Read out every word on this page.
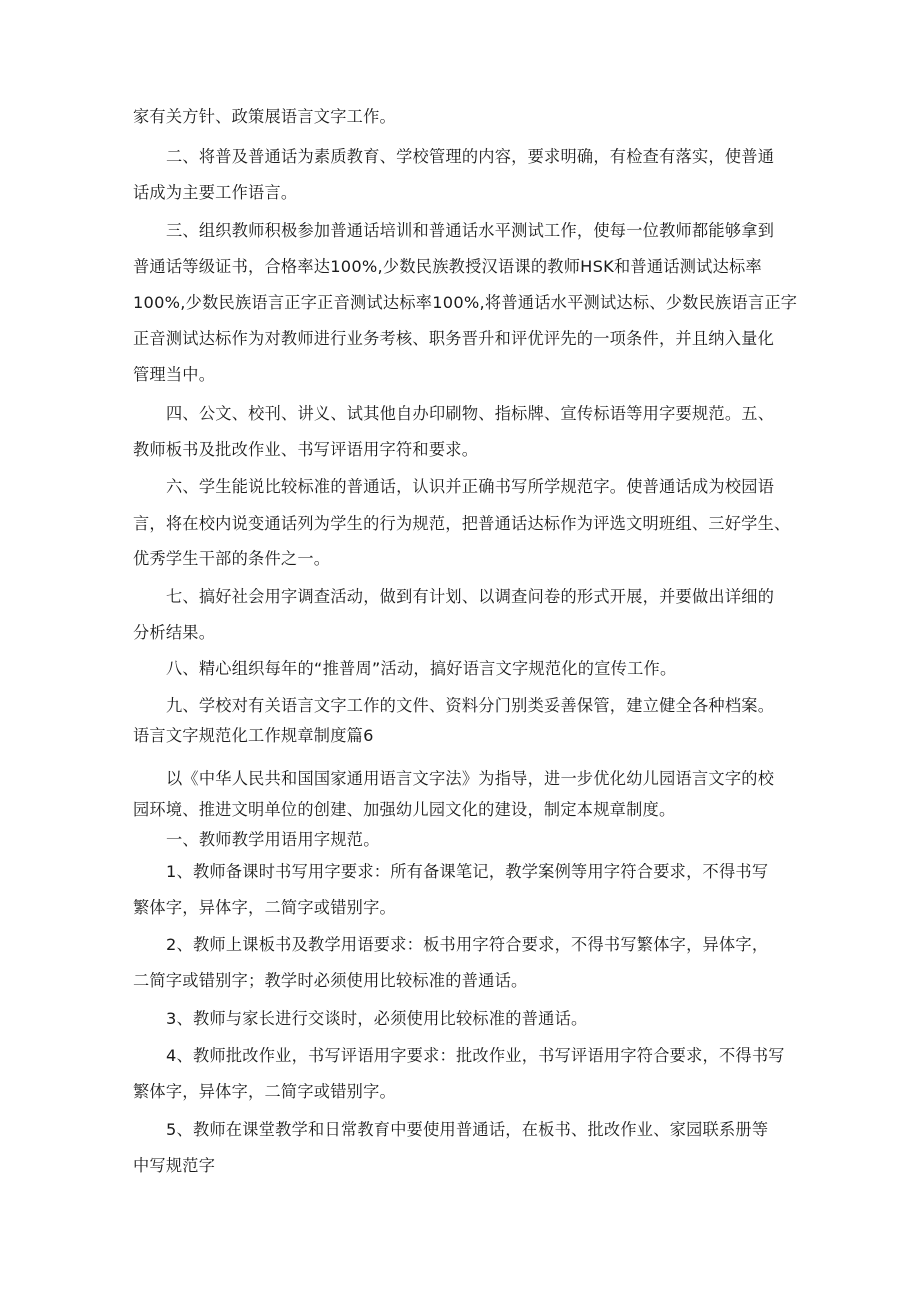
家有关方针、政策展语言文字工作。
二、将普及普通话为素质教育、学校管理的内容，要求明确，有检查有落实，使普通
话成为主要工作语言。
三、组织教师积极参加普通话培训和普通话水平测试工作，使每一位教师都能够拿到
普通话等级证书，合格率达100%,少数民族教授汉语课的教师HSK和普通话测试达标率
100%,少数民族语言正字正音测试达标率100%,将普通话水平测试达标、少数民族语言正字
正音测试达标作为对教师进行业务考核、职务晋升和评优评先的一项条件，并且纳入量化
管理当中。
四、公文、校刊、讲义、试其他自办印刷物、指标牌、宣传标语等用字要规范。五、
教师板书及批改作业、书写评语用字符和要求。
六、学生能说比较标准的普通话，认识并正确书写所学规范字。使普通话成为校园语
言，将在校内说变通话列为学生的行为规范，把普通话达标作为评选文明班组、三好学生、
优秀学生干部的条件之一。
七、搞好社会用字调查活动，做到有计划、以调查问卷的形式开展，并要做出详细的
分析结果。
八、精心组织每年的“推普周”活动，搞好语言文字规范化的宣传工作。
九、学校对有关语言文字工作的文件、资料分门别类妥善保管，建立健全各种档案。
语言文字规范化工作规章制度篇6
以《中华人民共和国国家通用语言文字法》为指导，进一步优化幼儿园语言文字的校
园环境、推进文明单位的创建、加强幼儿园文化的建设，制定本规章制度。
一、教师教学用语用字规范。
1、教师备课时书写用字要求：所有备课笔记，教学案例等用字符合要求，不得书写
繁体字，异体字，二简字或错别字。
2、教师上课板书及教学用语要求：板书用字符合要求，不得书写繁体字，异体字，
二简字或错别字；教学时必须使用比较标准的普通话。
3、教师与家长进行交谈时，必须使用比较标准的普通话。
4、教师批改作业，书写评语用字要求：批改作业，书写评语用字符合要求，不得书写
繁体字，异体字，二简字或错别字。
5、教师在课堂教学和日常教育中要使用普通话，在板书、批改作业、家园联系册等
中写规范字
